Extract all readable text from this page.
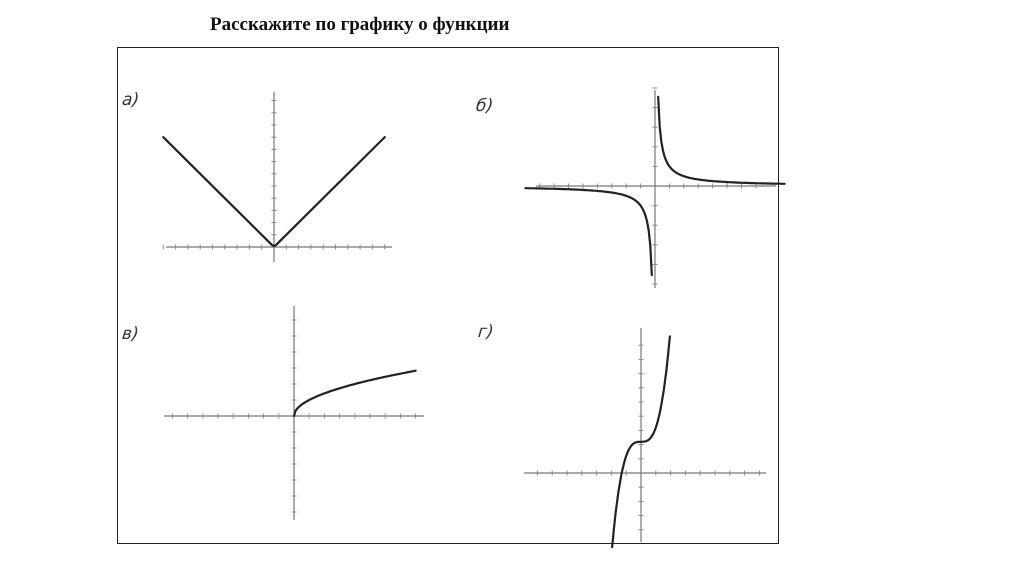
Расскажите по графику о функции
а)	б)
в)	г)
